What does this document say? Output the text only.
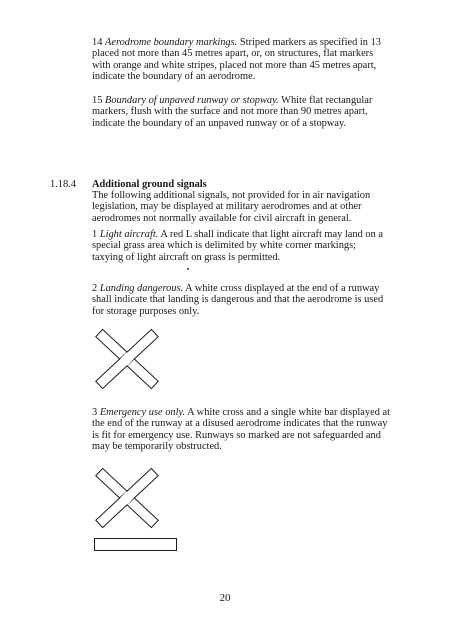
14 Aerodrome boundary markings. Striped markers as specified in 13 placed not more than 45 metres apart, or, on structures, flat markers with orange and white stripes, placed not more than 45 metres apart, indicate the boundary of an aerodrome.

15 Boundary of unpaved runway or stopway. White flat rectangular markers, flush with the surface and not more than 90 metres apart, indicate the boundary of an unpaved runway or of a stopway.

1.18.4 Additional ground signals

The following additional signals, not provided for in air navigation legislation, may be displayed at military aerodromes and at other aerodromes not normally available for civil aircraft in general.

1 Light aircraft. A red L shall indicate that light aircraft may land on a special grass area which is delimited by white corner markings; taxying of light aircraft on grass is permitted.

2 Landing dangerous. A white cross displayed at the end of a runway shall indicate that landing is dangerous and that the aerodrome is used for storage purposes only.

3 Emergency use only. A white cross and a single white bar displayed at the end of the runway at a disused aerodrome indicates that the runway is fit for emergency use. Runways so marked are not safeguarded and may be temporarily obstructed.

20
